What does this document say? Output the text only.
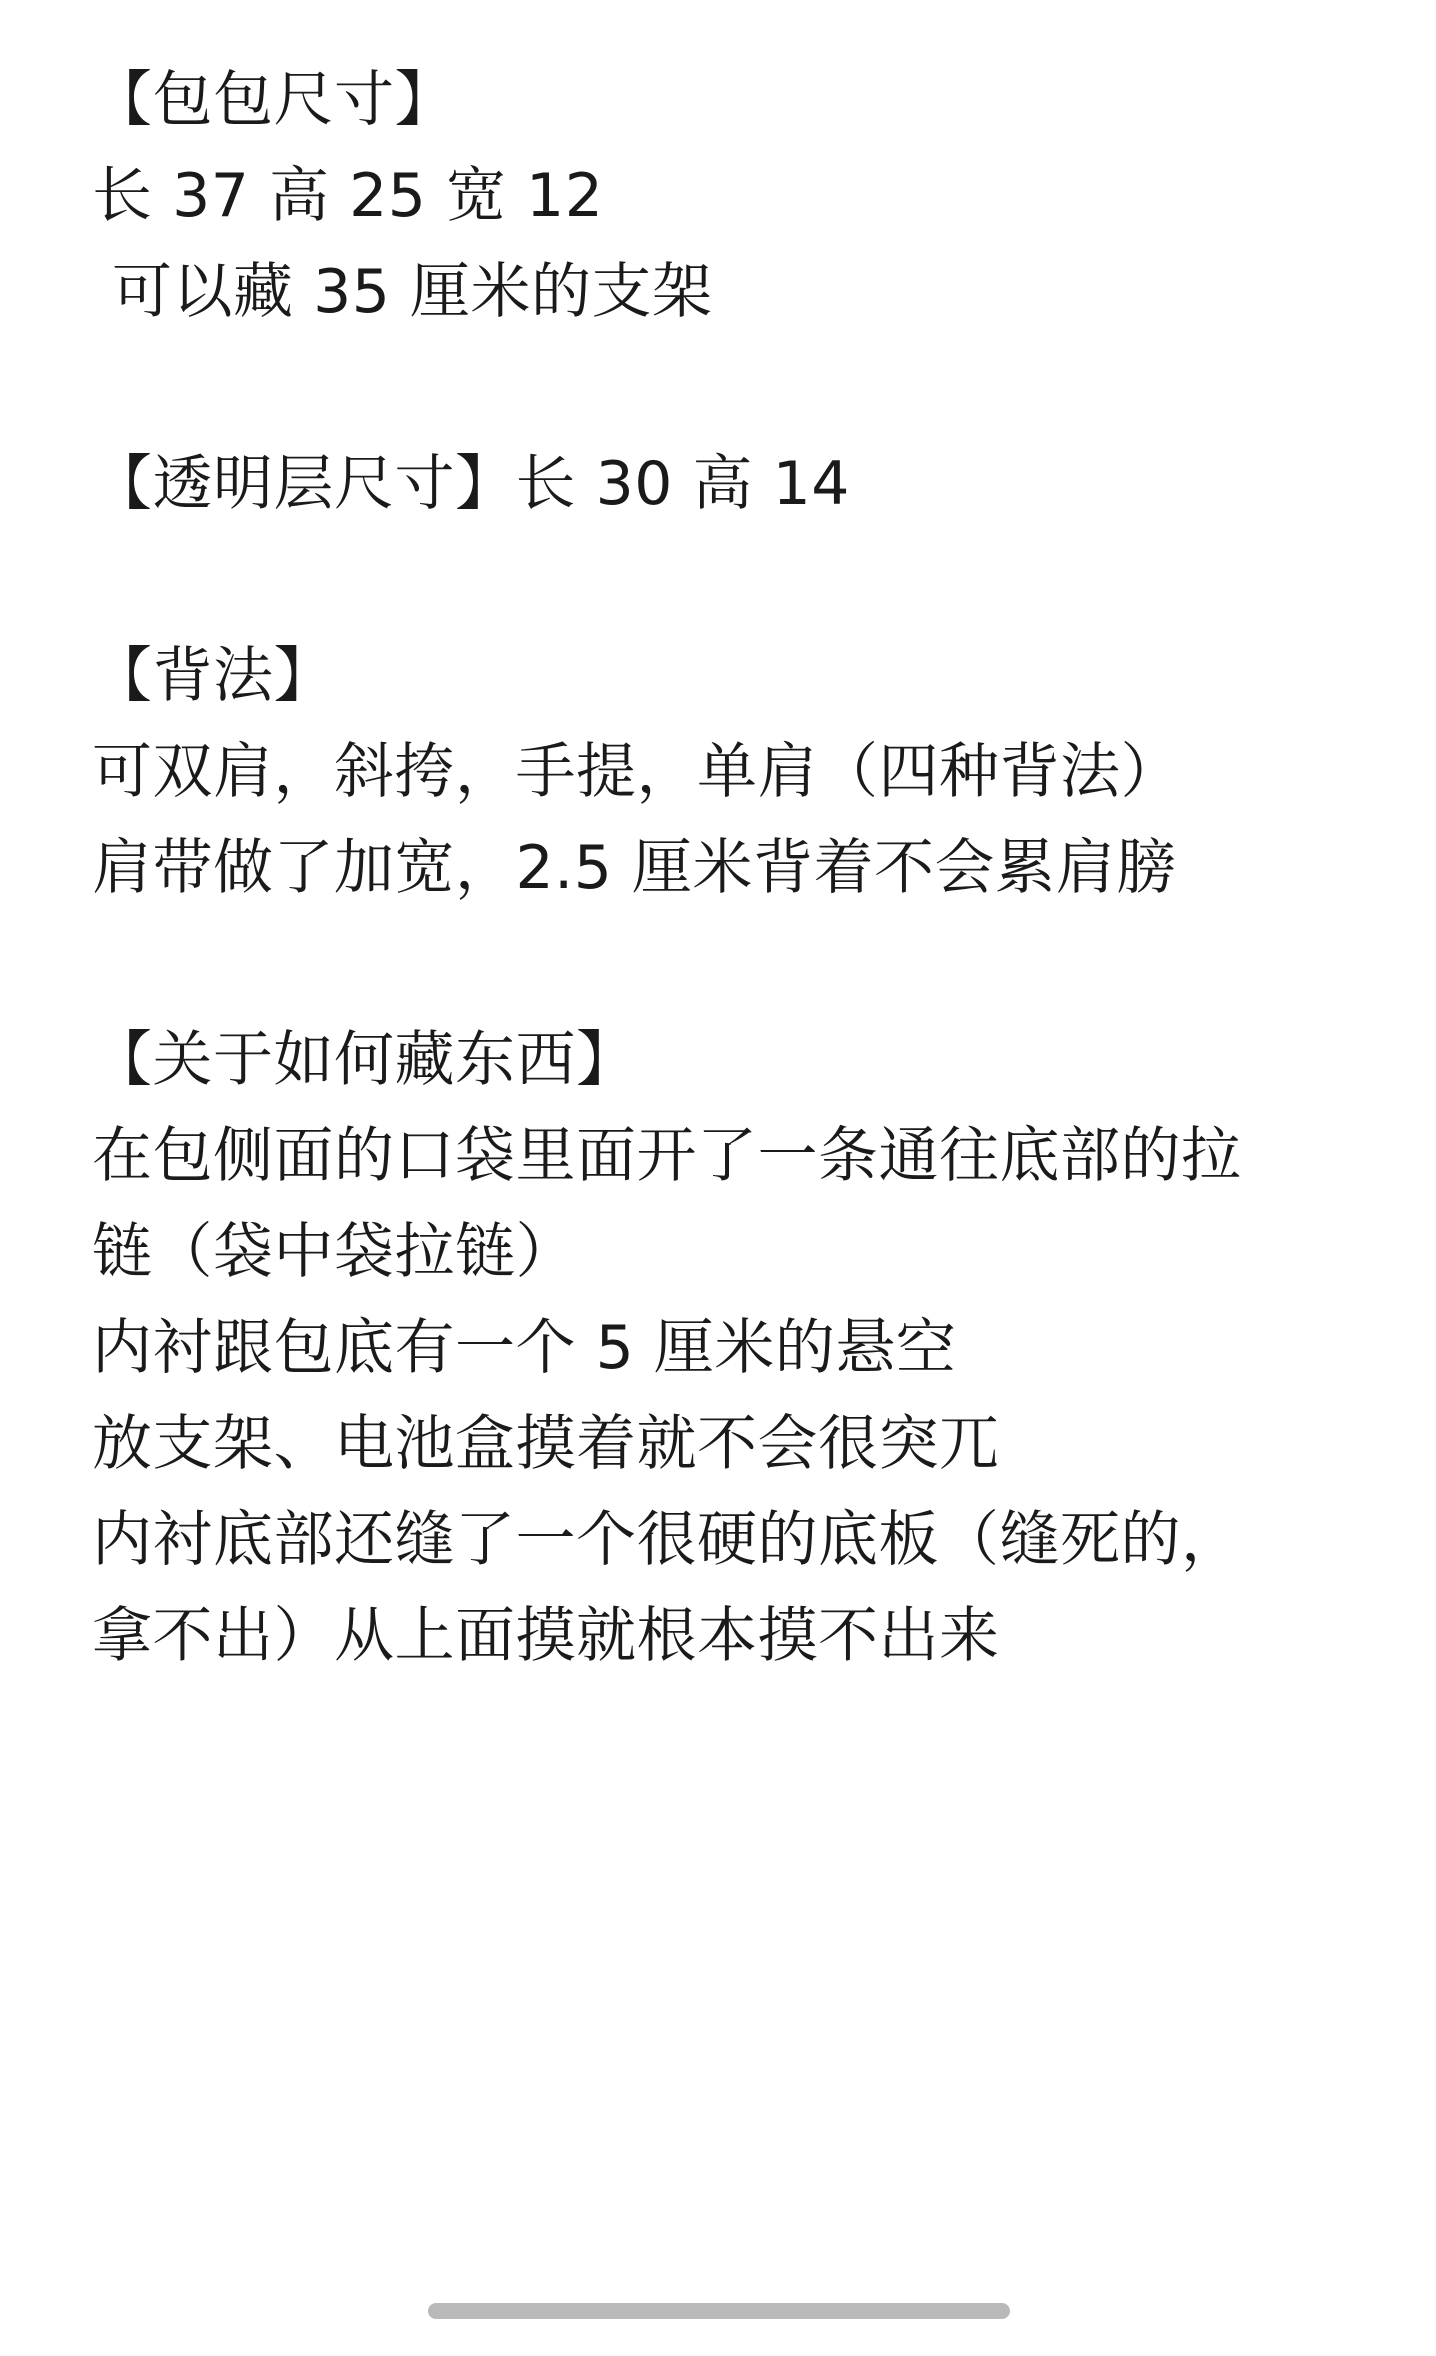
【包包尺寸】
长 37 高 25 宽 12
可以藏 35 厘米的支架
【透明层尺寸】长 30 高 14
【背法】
可双肩，斜挎，手提，单肩（四种背法）
肩带做了加宽，2.5 厘米背着不会累肩膀
【关于如何藏东西】
在包侧面的口袋里面开了一条通往底部的拉
链（袋中袋拉链）
内衬跟包底有一个 5 厘米的悬空
放支架、电池盒摸着就不会很突兀
内衬底部还缝了一个很硬的底板（缝死的，
拿不出）从上面摸就根本摸不出来
